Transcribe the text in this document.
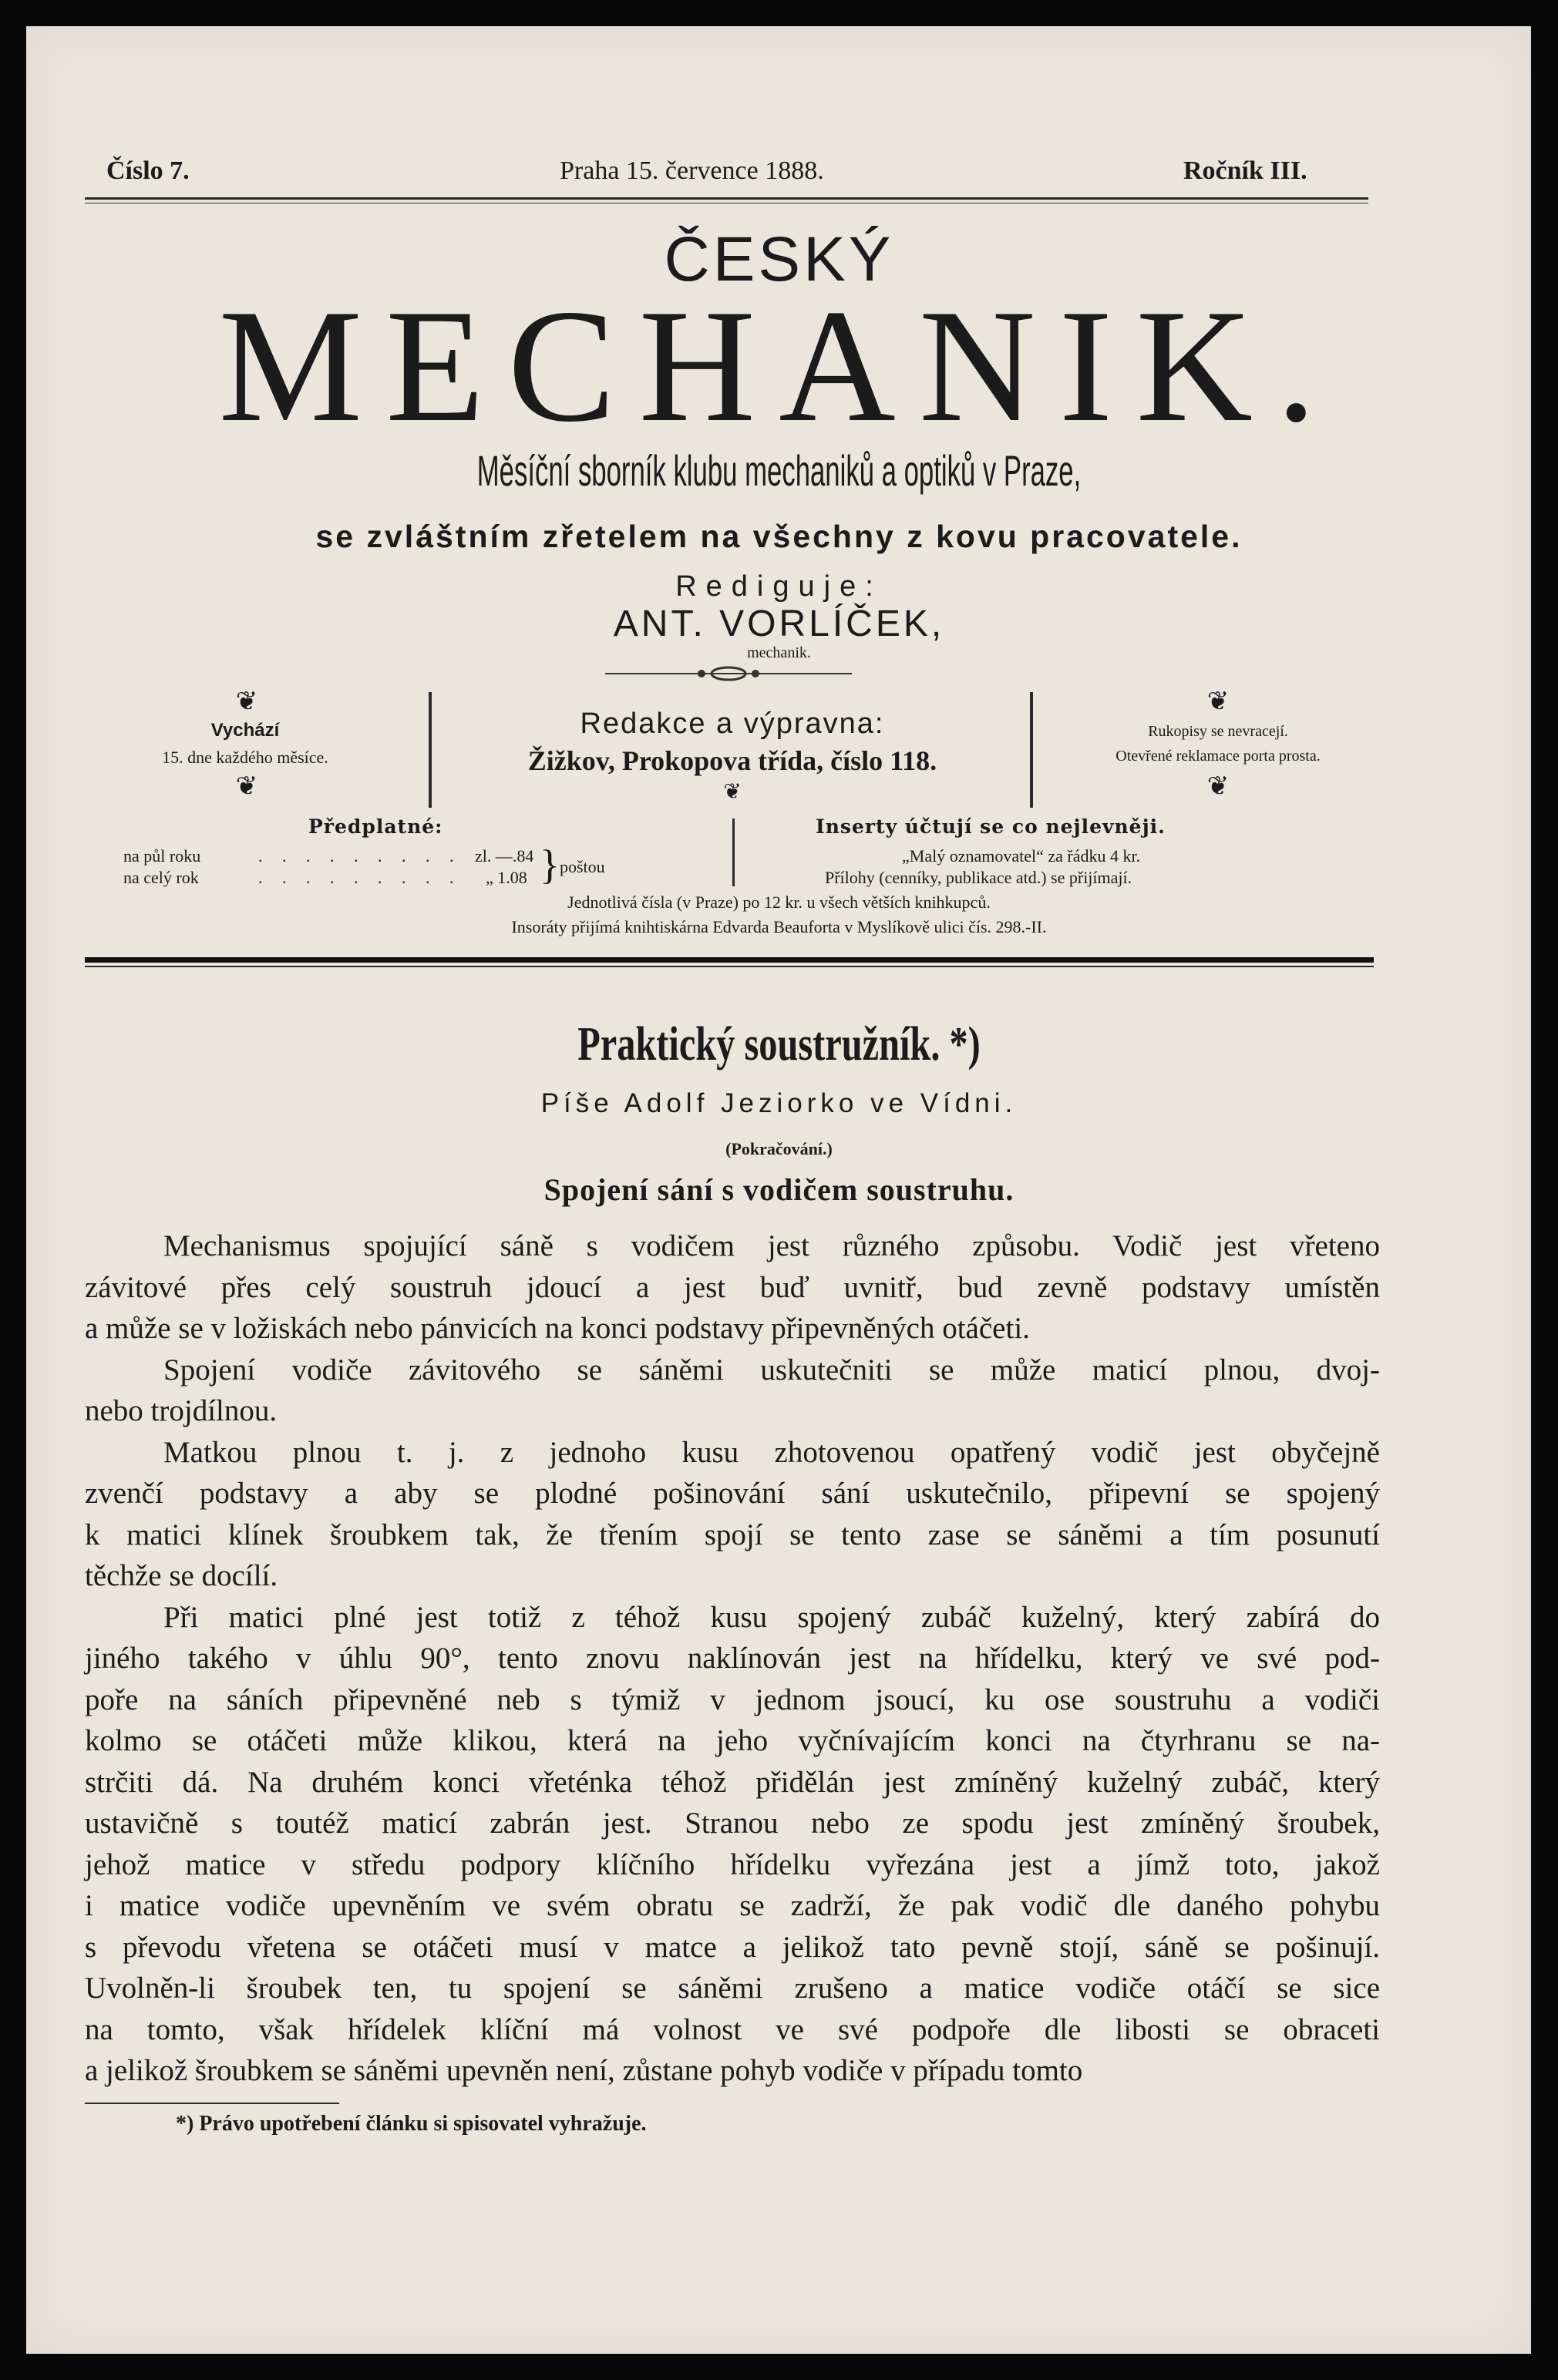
Číslo 7.	Praha 15. července 1888.	Ročník III.
ČESKÝ
MECHANIK.
Měsíční sborník klubu mechaniků a optiků v Praze,
se zvláštním zřetelem na všechny z kovu pracovatele.
Rediguje:
ANT. VORLÍČEK,
mechanik.
❦
Vychází
15. dne každého měsíce.
❦
Redakce a výpravna:
Žižkov, Prokopova třída, číslo 118.
❦
❦
Rukopisy se nevracejí.
Otevřené reklamace porta prosta.
❦
Předplatné:
na půl roku	. . . . . . . . . zl. —.84
na celý rok	. . . . . . . . . „ 1.08 } poštou
Inserty účtují se co nejlevněji.
„Malý oznamovatel“ za řádku 4 kr.
Přílohy (cenníky, publikace atd.) se přijímají.
Jednotlivá čísla (v Praze) po 12 kr. u všech větších knihkupců.
Insoráty přijímá knihtiskárna Edvarda Beaufortа v Myslíkově ulici čís. 298.-II.
Praktický soustružník. *)
Píše Adolf Jeziorko ve Vídni.
(Pokračování.)
Spojení sání s vodičem soustruhu.
Mechanismus spojující sáně s vodičem jest různého způsobu. Vodič jest vřeteno
závitové přes celý soustruh jdoucí a jest buď uvnitř, bud zevně podstavy umístěn
a může se v ložiskách nebo pánvicích na konci podstavy připevněných otáčeti.
Spojení vodiče závitového se sáněmi uskutečniti se může maticí plnou, dvoj-
nebo trojdílnou.
Matkou plnou t. j. z jednoho kusu zhotovenou opatřený vodič jest obyčejně
zvenčí podstavy a aby se plodné pošinování sání uskutečnilo, připevní se spojený
k matici klínek šroubkem tak, že třením spojí se tento zase se sáněmi a tím posunutí
těchže se docílí.
Při matici plné jest totiž z téhož kusu spojený zubáč kuželný, který zabírá do
jiného takého v úhlu 90°, tento znovu naklínován jest na hřídelku, který ve své pod-
poře na sáních připevněné neb s týmiž v jednom jsoucí, ku ose soustruhu a vodiči
kolmo se otáčeti může klikou, která na jeho vyčnívajícím konci na čtyrhranu se na-
strčiti dá. Na druhém konci vřeténka téhož přidělán jest zmíněný kuželný zubáč, který
ustavičně s toutéž maticí zabrán jest. Stranou nebo ze spodu jest zmíněný šroubek,
jehož matice v středu podpory klíčního hřídelku vyřezána jest a jímž toto, jakož
i matice vodiče upevněním ve svém obratu se zadrží, že pak vodič dle daného pohybu
s převodu vřetena se otáčeti musí v matce a jelikož tato pevně stojí, sáně se pošinují.
Uvolněn-li šroubek ten, tu spojení se sáněmi zrušeno a matice vodiče otáčí se sice
na tomto, však hřídelek klíční má volnost ve své podpoře dle libosti se obraceti
a jelikož šroubkem se sáněmi upevněn není, zůstane pohyb vodiče v případu tomto
*) Právo upotřebení článku si spisovatel vyhražuje.
